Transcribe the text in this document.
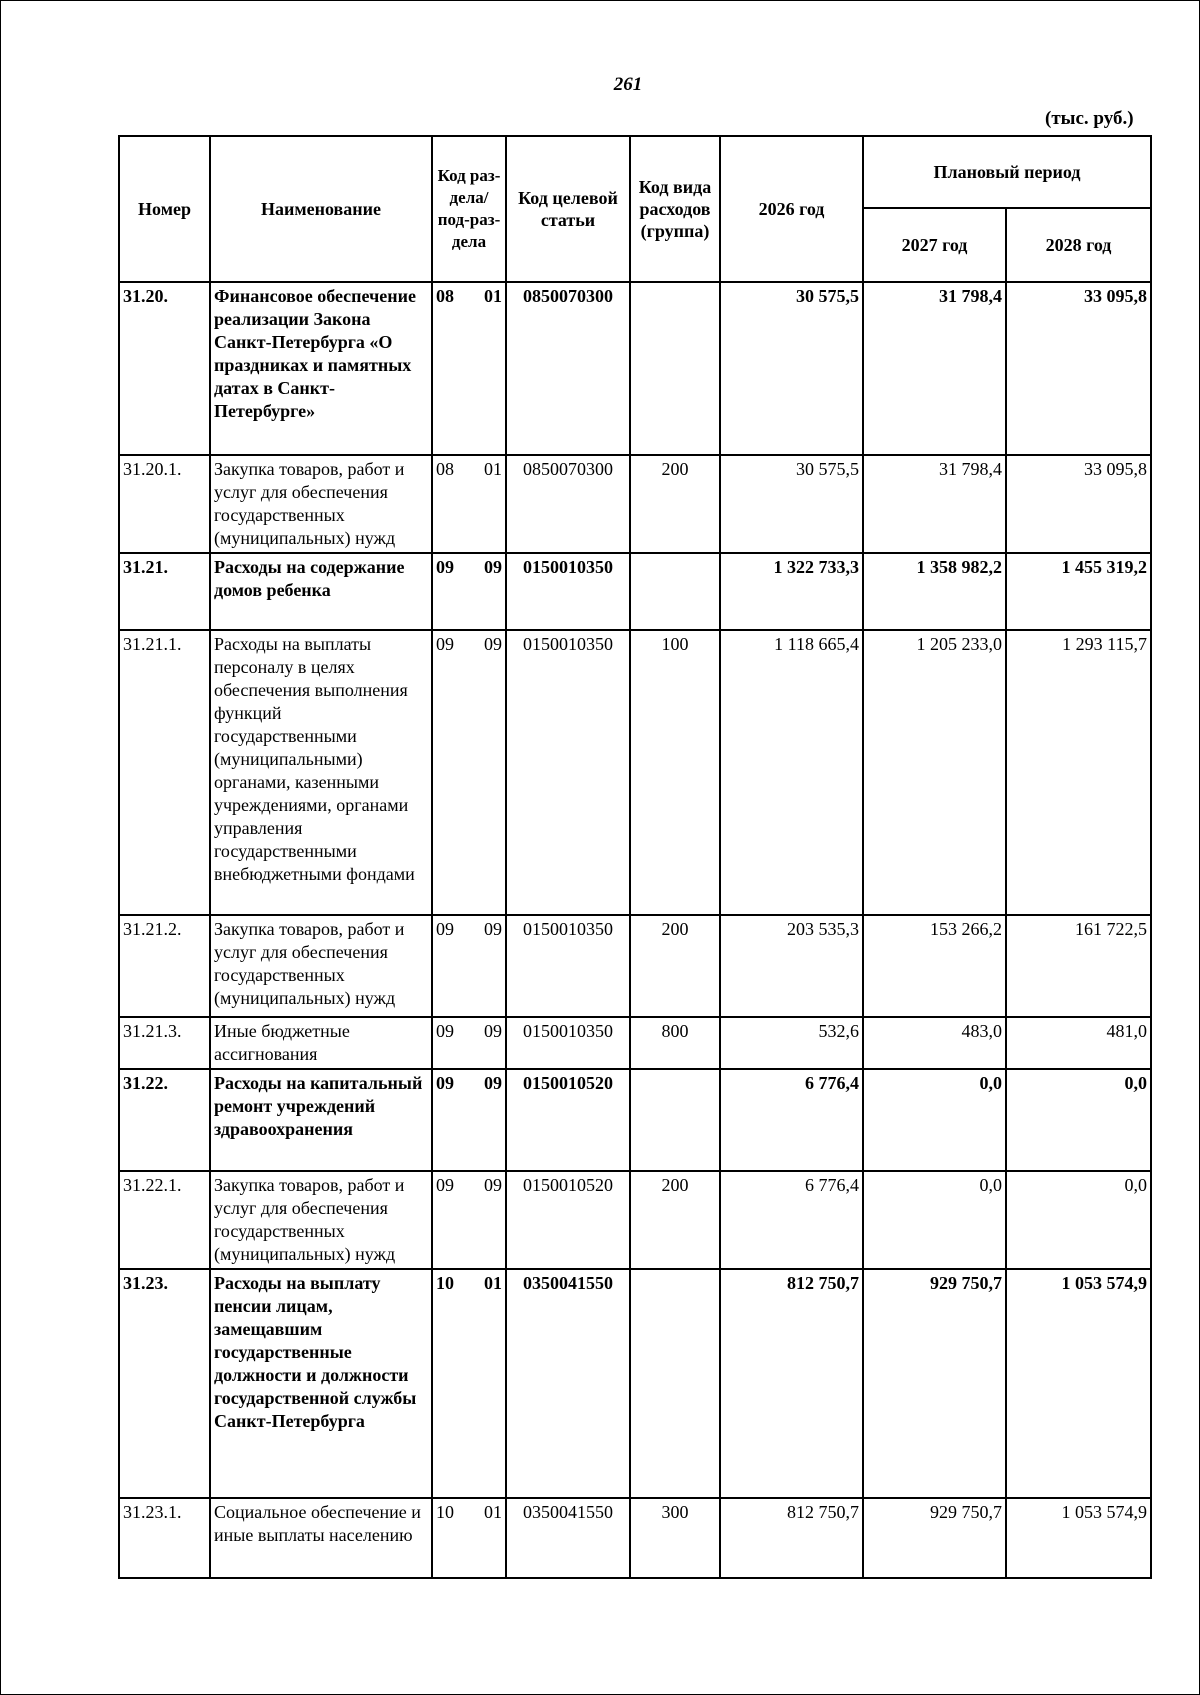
261
(тыс. руб.)
Номер	Наименование	Код раз-дела/ под-раз-дела	Код целевой статьи	Код вида расходов (группа)	2026 год	Плановый период	
						2027 год	2028 год
31.20.	Финансовое обеспечение реализации Закона Санкт-Петербурга «О праздниках и памятных датах в Санкт-Петербурге»	08 01	0850070300		30 575,5	31 798,4	33 095,8
31.20.1.	Закупка товаров, работ и услуг для обеспечения государственных (муниципальных) нужд	08 01	0850070300	200	30 575,5	31 798,4	33 095,8
31.21.	Расходы на содержание домов ребенка	09 09	0150010350		1 322 733,3	1 358 982,2	1 455 319,2
31.21.1.	Расходы на выплаты персоналу в целях обеспечения выполнения функций государственными (муниципальными) органами, казенными учреждениями, органами управления государственными внебюджетными фондами	09 09	0150010350	100	1 118 665,4	1 205 233,0	1 293 115,7
31.21.2.	Закупка товаров, работ и услуг для обеспечения государственных (муниципальных) нужд	09 09	0150010350	200	203 535,3	153 266,2	161 722,5
31.21.3.	Иные бюджетные ассигнования	09 09	0150010350	800	532,6	483,0	481,0
31.22.	Расходы на капитальный ремонт учреждений здравоохранения	09 09	0150010520		6 776,4	0,0	0,0
31.22.1.	Закупка товаров, работ и услуг для обеспечения государственных (муниципальных) нужд	09 09	0150010520	200	6 776,4	0,0	0,0
31.23.	Расходы на выплату пенсии лицам, замещавшим государственные должности и должности государственной службы Санкт-Петербурга	10 01	0350041550		812 750,7	929 750,7	1 053 574,9
31.23.1.	Социальное обеспечение и иные выплаты населению	10 01	0350041550	300	812 750,7	929 750,7	1 053 574,9
